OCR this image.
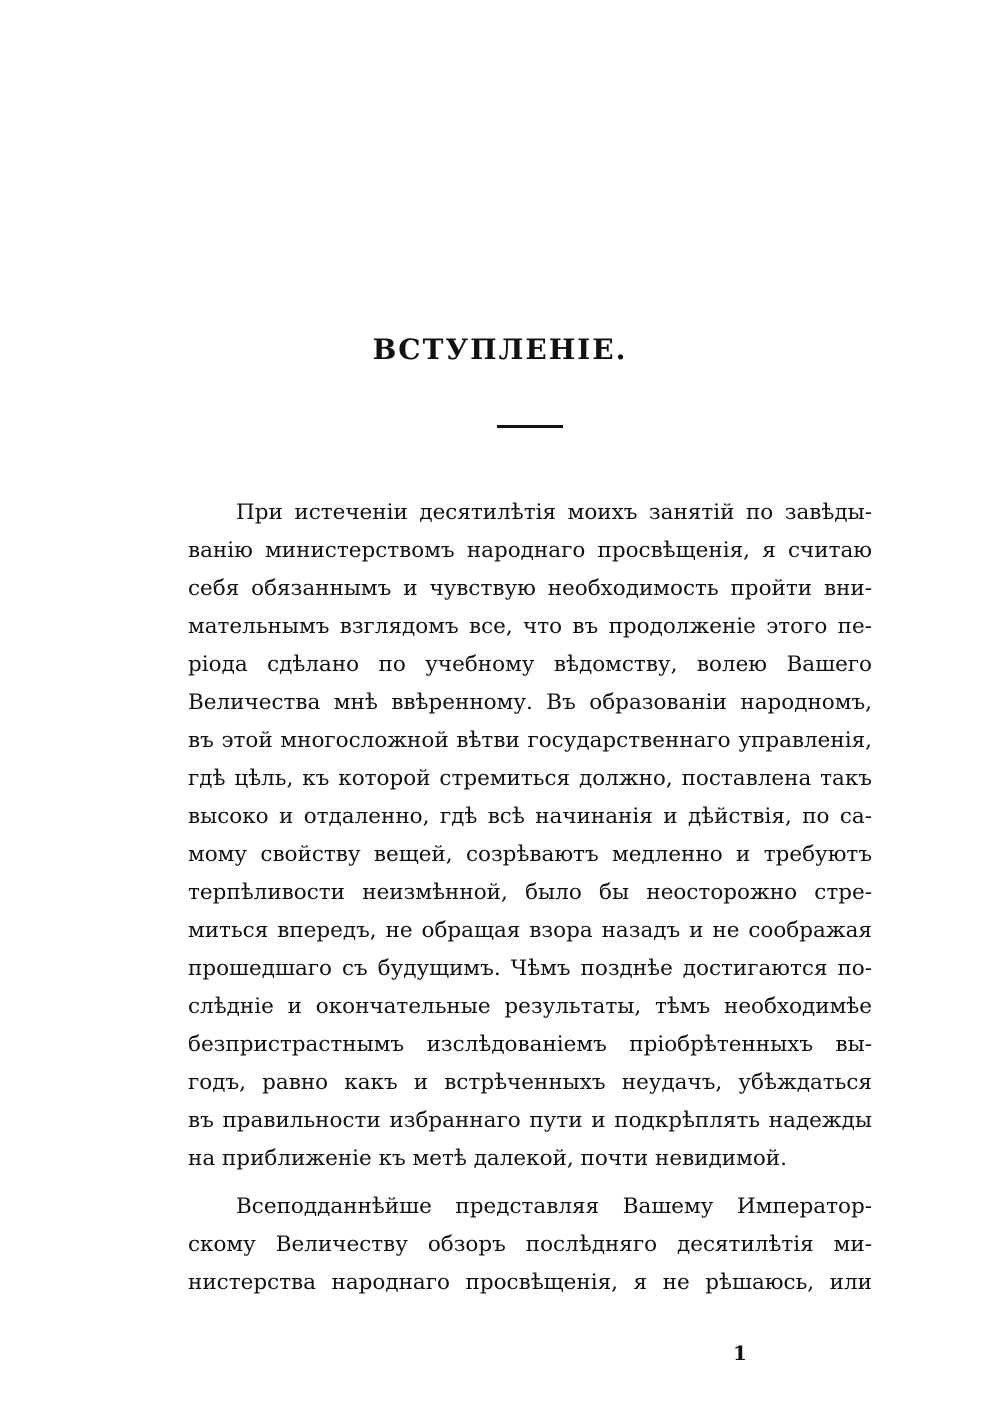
ВСТУПЛЕНІЕ.
При истеченіи десятилѣтія моихъ занятій по завѣды-
ванію министерствомъ народнаго просвѣщенія, я считаю
себя обязаннымъ и чувствую необходимость пройти вни-
мательнымъ взглядомъ все, что въ продолженіе этого пе-
ріода сдѣлано по учебному вѣдомству, волею Вашего
Величества мнѣ ввѣренному. Въ образованіи народномъ,
въ этой многосложной вѣтви государственнаго управленія,
гдѣ цѣль, къ которой стремиться должно, поставлена такъ
высоко и отдаленно, гдѣ всѣ начинанія и дѣйствія, по са-
мому свойству вещей, созрѣваютъ медленно и требуютъ
терпѣливости неизмѣнной, было бы неосторожно стре-
миться впередъ, не обращая взора назадъ и не соображая
прошедшаго съ будущимъ. Чѣмъ позднѣе достигаются по-
слѣдніе и окончательные результаты, тѣмъ необходимѣе
безпристрастнымъ изслѣдованіемъ пріобрѣтенныхъ вы-
годъ, равно какъ и встрѣченныхъ неудачъ, убѣждаться
въ правильности избраннаго пути и подкрѣплять надежды
на приближеніе къ метѣ далекой, почти невидимой.
Всеподданнѣйше представляя Вашему Император-
скому Величеству обзоръ послѣдняго десятилѣтія ми-
нистерства народнаго просвѣщенія, я не рѣшаюсь, или
1
